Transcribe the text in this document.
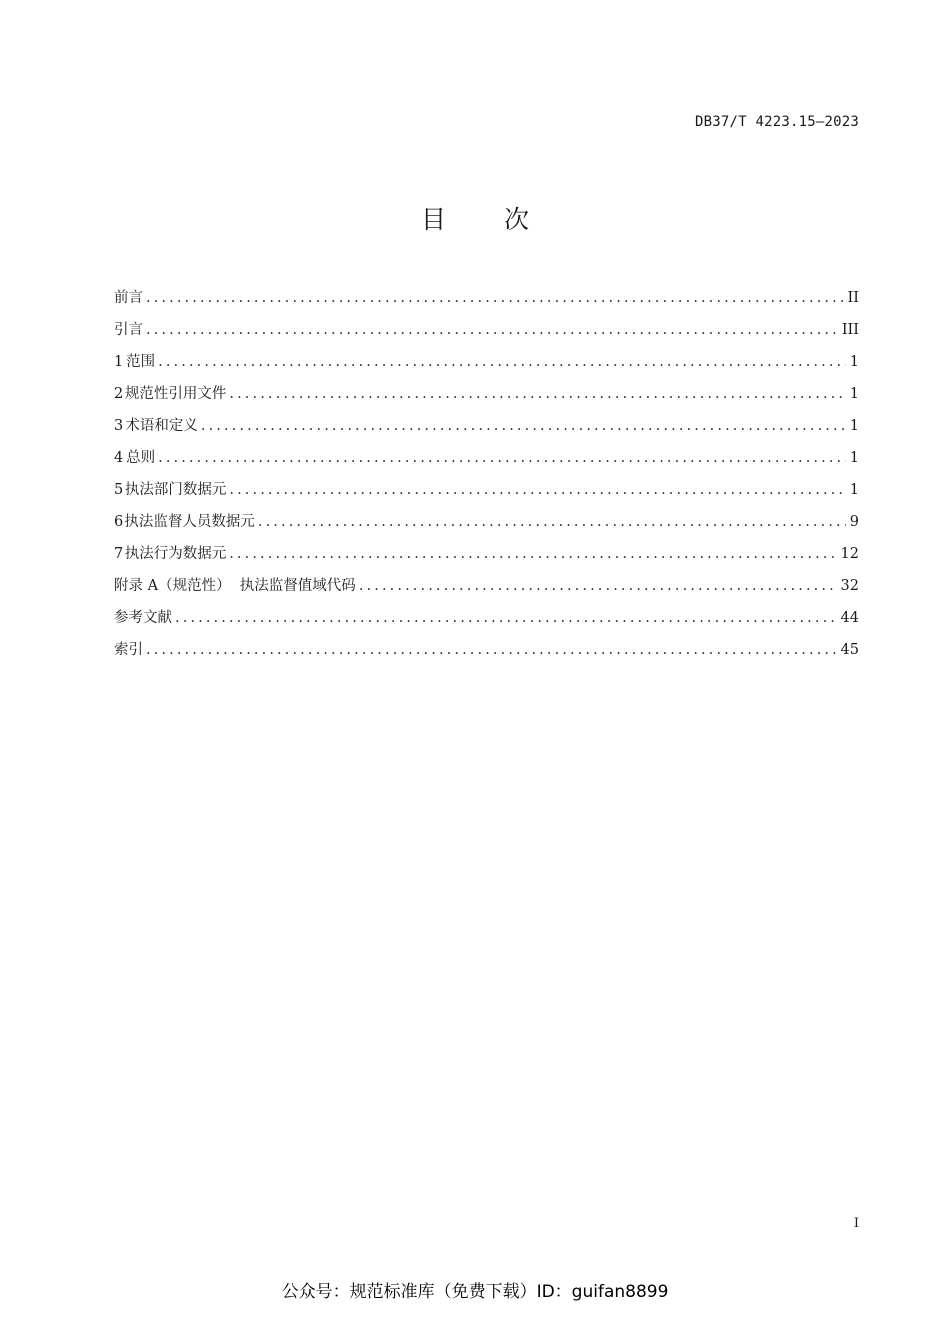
DB37/T 4223.15—2023
目 次
前言 .....	II
引言 .....	III
1 范围 .....	1
2 规范性引用文件 .....	1
3 术语和定义 .....	1
4 总则 .....	1
5 执法部门数据元 .....	1
6 执法监督人员数据元 .....	9
7 执法行为数据元 .....	12
附录 A（规范性）  执法监督值域代码 .....	32
参考文献 .....	44
索引 .....	45
I
公众号：规范标准库（免费下载）ID：guifan8899
